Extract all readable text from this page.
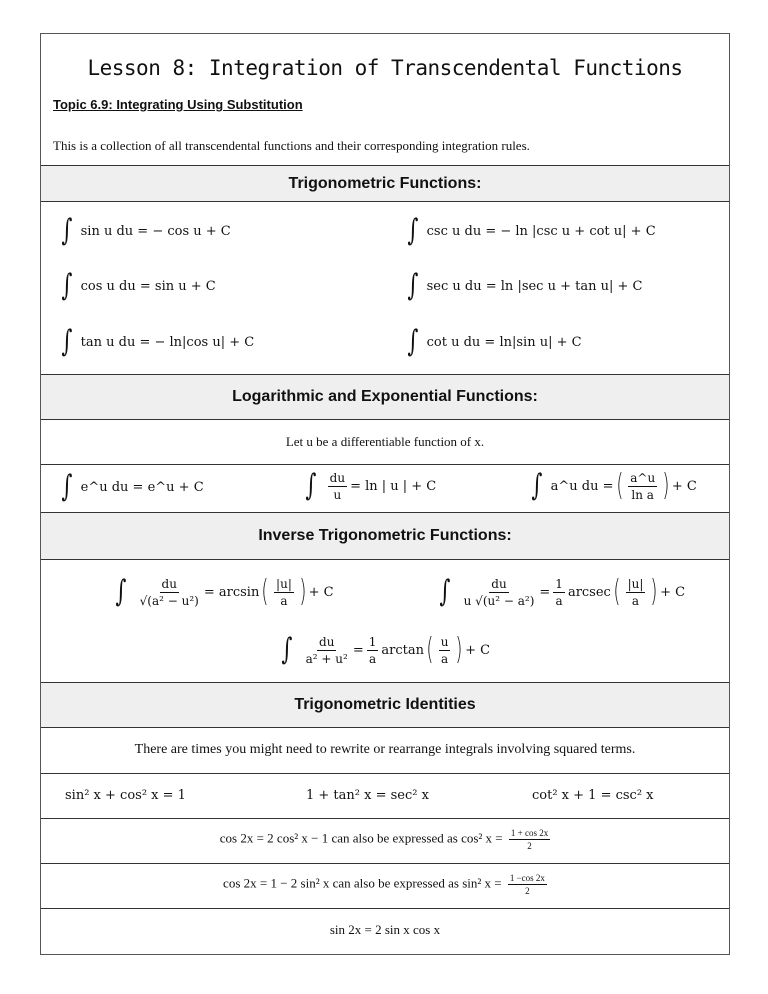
Lesson 8: Integration of Transcendental Functions
Topic 6.9: Integrating Using Substitution
This is a collection of all transcendental functions and their corresponding integration rules.
Trigonometric Functions:
∫ sin u du = − cos u + C	∫ csc u du = − ln |csc u + cot u| + C
∫ cos u du = sin u + C	∫ sec u du = ln |sec u + tan u| + C
∫ tan u du = − ln|cos u| + C	∫ cot u du = ln|sin u| + C
Logarithmic and Exponential Functions:
Let u be a differentiable function of x.
∫ e^u du = e^u + C	∫ $\frac{du}{u} = \ln$ | u | + C	∫ a^u du = ( $\frac{a\^{}u}{\text{ln a}}$ ) + C
Inverse Trigonometric Functions:
∫ $\frac{du}{\text{√(a² − u²)}} = \arcsin$ ( $\frac{|u|}{a}$ ) + C	∫ $\frac{du}{\text{u √(u² − a²)}} = \frac{1}{a}$ arcsec ( $\frac{|u|}{a}$ ) + C
∫ $\frac{du}{\text{a² + u²}} = \frac{1}{a}$ arctan ( $\frac{u}{a}$ ) + C
Trigonometric Identities
There are times you might need to rewrite or rearrange integrals involving squared terms.
sin² x + cos² x = 1	1 + tan² x = sec² x	cot² x + 1 = csc² x
cos 2x = 2 cos² x − 1 can also be expressed as cos² $x = \frac{1 + \cos 2x}{2}$
cos 2x = 1 − 2 sin² x can also be expressed as sin² $x = \frac{1 -\cos 2x}{2}$
sin 2x = 2 sin x cos x
